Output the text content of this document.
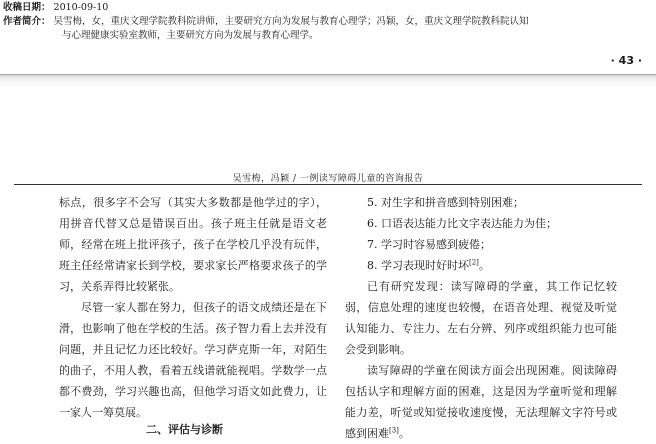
收稿日期： 2010-09-10
作者简介： 吴雪梅，女，重庆文理学院教科院讲师，主要研究方向为发展与教育心理学；冯颖，女，重庆文理学院教科院认知
与心理健康实验室教师，主要研究方向为发展与教育心理学。
· 43 ·
吴雪梅，冯颖 / 一例读写障碍儿童的咨询报告

标点，很多字不会写（其实大多数都是他学过的字），用拼音代替又总是错误百出。孩子班主任就是语文老师，经常在班上批评孩子，孩子在学校几乎没有玩伴，班主任经常请家长到学校，要求家长严格要求孩子的学习，关系弄得比较紧张。

尽管一家人都在努力，但孩子的语文成绩还是在下滑，也影响了他在学校的生活。孩子智力看上去并没有问题，并且记忆力还比较好。学习萨克斯一年，对陌生的曲子，不用人教，看着五线谱就能视唱。学数学一点都不费劲，学习兴趣也高，但他学习语文如此费力，让一家人一筹莫展。

二、评估与诊断
5. 对生字和拼音感到特别困难；
6. 口语表达能力比文字表达能力为佳；
7. 学习时容易感到疲倦；
8. 学习表现时好时坏[2]。

已有研究发现：读写障碍的学童，其工作记忆较弱，信息处理的速度也较慢，在语音处理、视觉及听觉认知能力、专注力、左右分辨、列序或组织能力也可能会受到影响。

读写障碍的学童在阅读方面会出现困难。阅读障碍包括认字和理解方面的困难，这是因为学童听觉和理解能力差，听觉或知觉接收速度慢，无法理解文字符号或感到困难[3]。
